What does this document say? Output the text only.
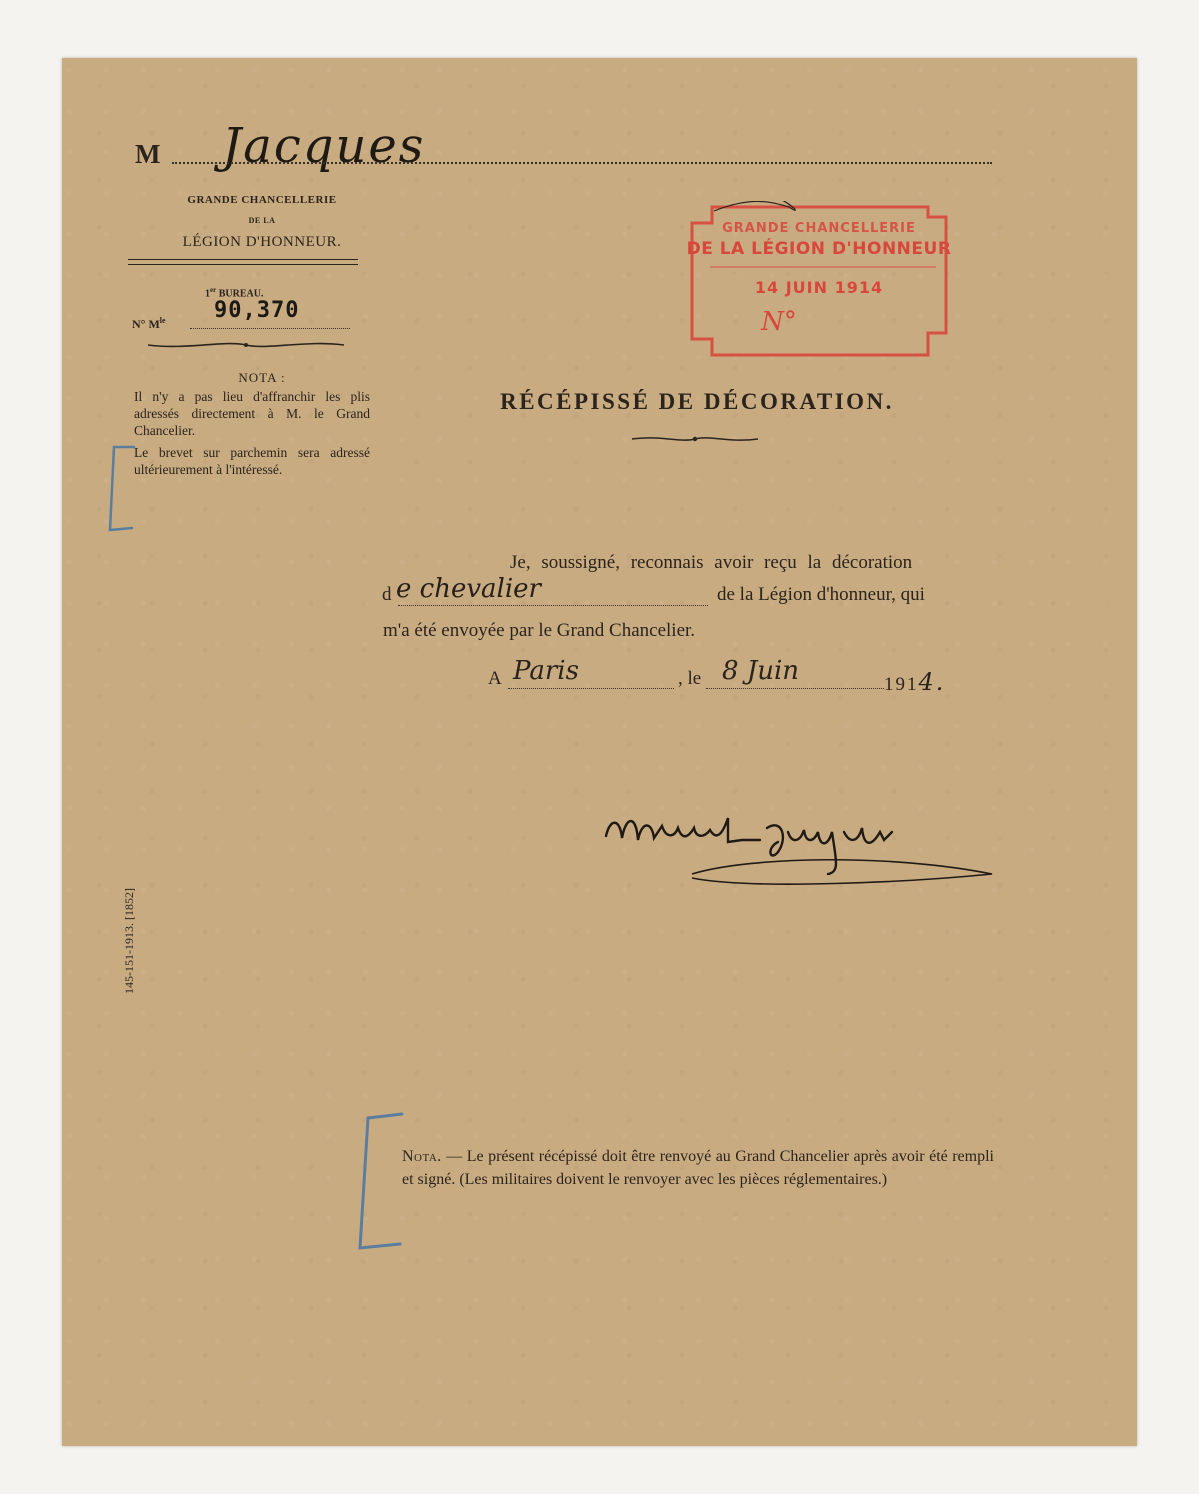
M Jacques
GRANDE CHANCELLERIE
DE LA
LÉGION D'HONNEUR.
1er BUREAU.
N° $M^{le}$ 90,370
NOTA :
Il n'y a pas lieu d'affranchir les plis adressés directement à M. le Grand Chancelier.
Le brevet sur parchemin sera adressé ultérieurement à l'intéressé.
GRANDE CHANCELLERIE
DE LA LÉGION D'HONNEUR
14 JUIN 1914
N°
RÉCÉPISSÉ DE DÉCORATION.
Je, soussigné, reconnais avoir reçu la décoration
d e chevalier	de la Légion d'honneur, qui
m'a été envoyée par le Grand Chancelier.
A Paris	, le 8 Juin	1914.
145-151-1913. [1852]
Nota. — Le présent récépissé doit être renvoyé au Grand Chancelier après avoir été rempli et signé. (Les militaires doivent le renvoyer avec les pièces réglementaires.)
